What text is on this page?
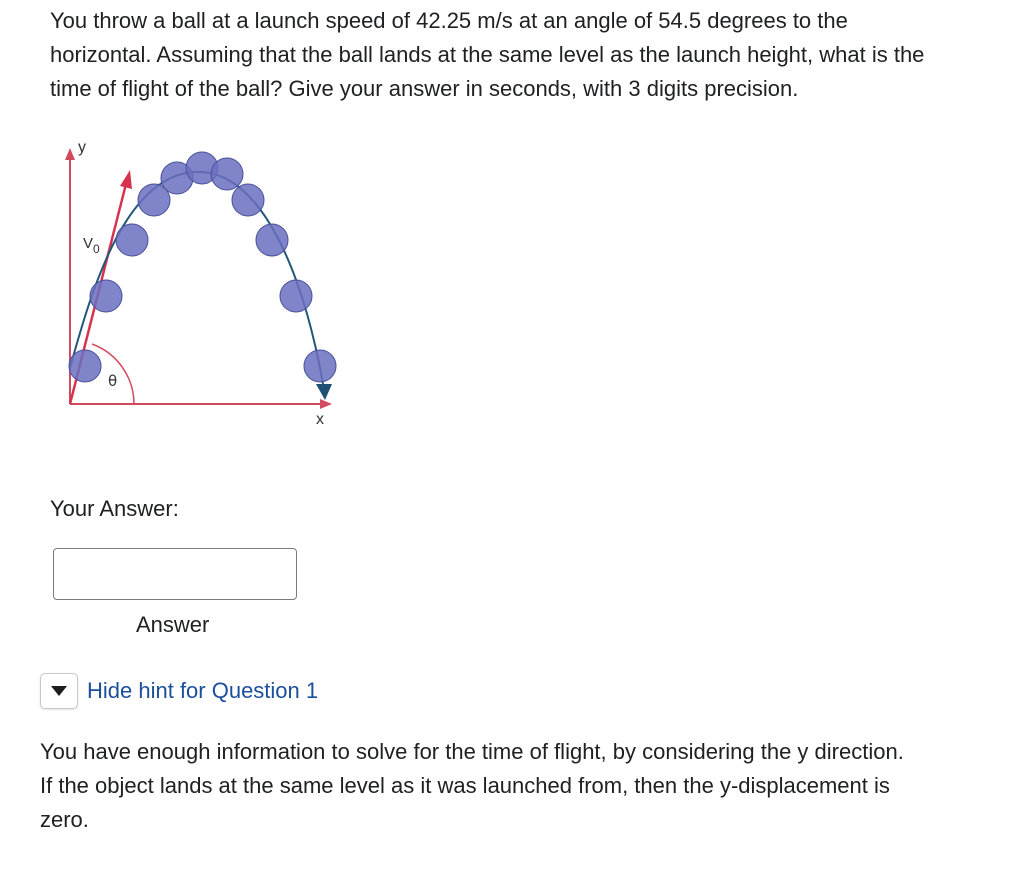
You throw a ball at a launch speed of 42.25 m/s at an angle of 54.5 degrees to the horizontal. Assuming that the ball lands at the same level as the launch height, what is the time of flight of the ball? Give your answer in seconds, with 3 digits precision.

y
x
θ
$V_0$

Your Answer:

Answer

Hide hint for Question 1

You have enough information to solve for the time of flight, by considering the y direction. If the object lands at the same level as it was launched from, then the y-displacement is zero.
